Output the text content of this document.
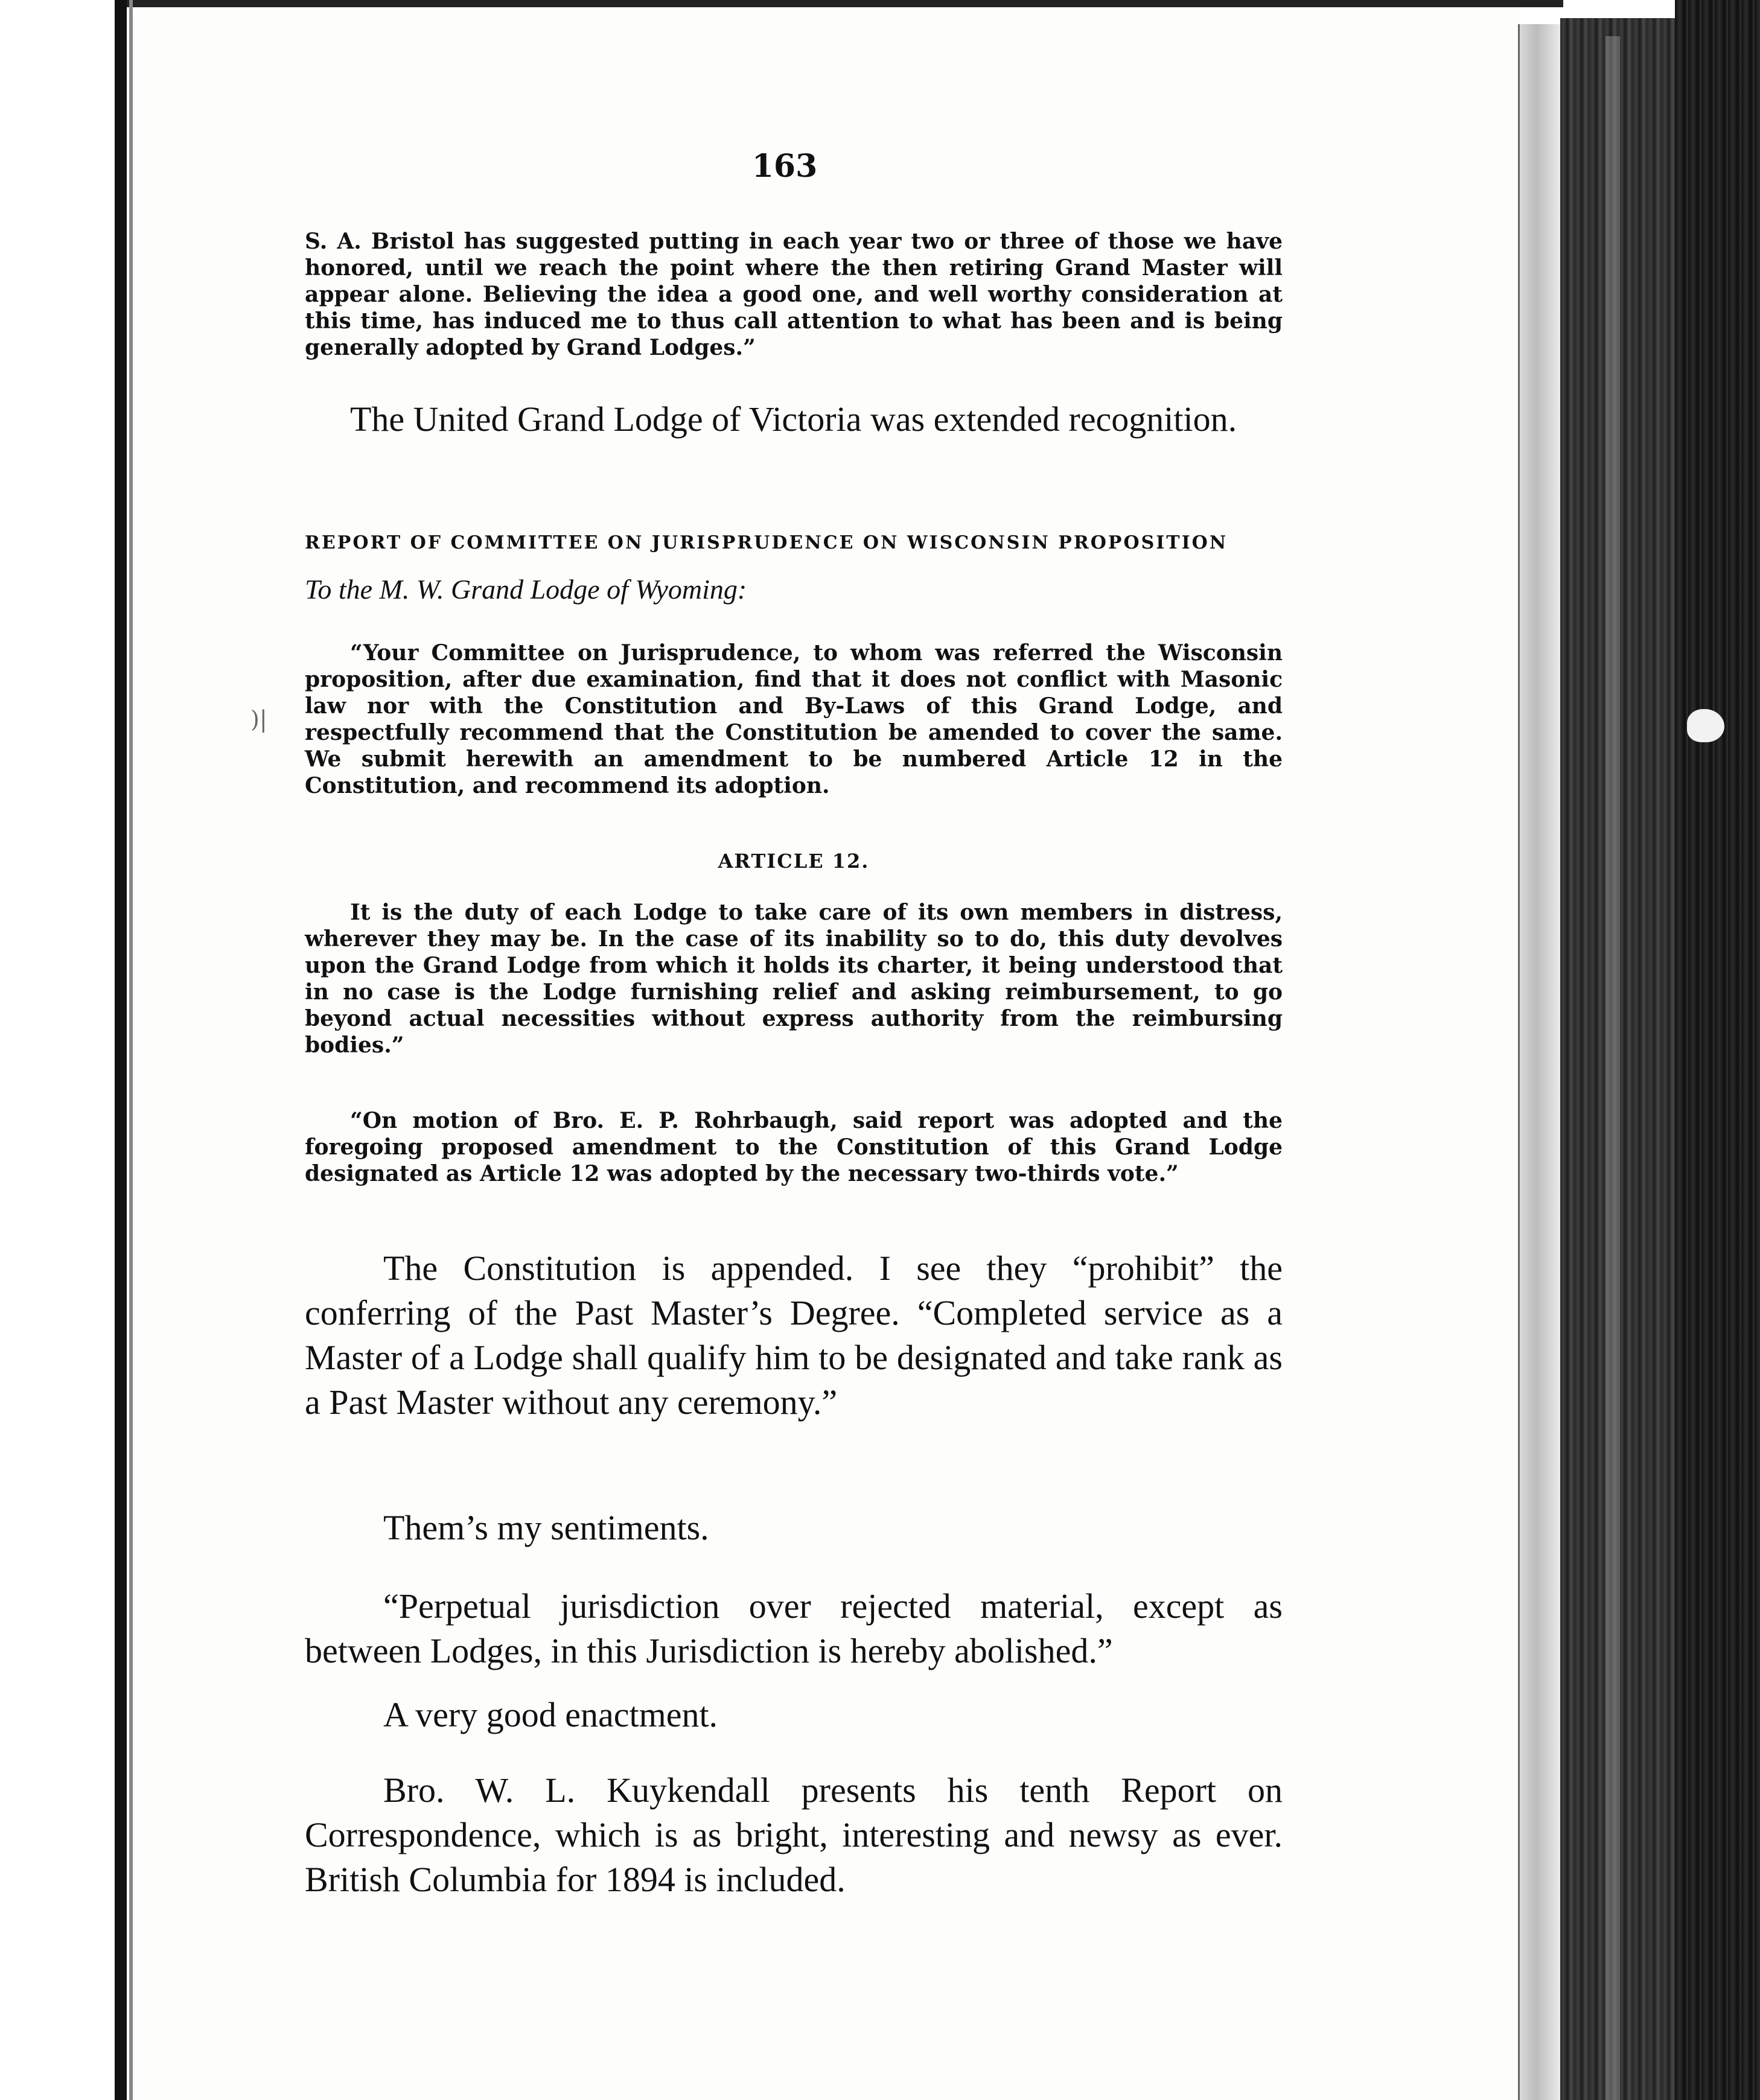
)|
163

S. A. Bristol has suggested putting in each year two or three of those we have honored, until we reach the point where the then retiring Grand Master will appear alone. Believing the idea a good one, and well worthy consideration at this time, has induced me to thus call attention to what has been and is being generally adopted by Grand Lodges.”

The United Grand Lodge of Victoria was extended recognition.

REPORT OF COMMITTEE ON JURISPRUDENCE ON WISCONSIN PROPOSITION

To the M. W. Grand Lodge of Wyoming:

“Your Committee on Jurisprudence, to whom was referred the Wisconsin proposition, after due examination, find that it does not conflict with Masonic law nor with the Constitution and By-Laws of this Grand Lodge, and respectfully recommend that the Constitution be amended to cover the same. We submit herewith an amendment to be numbered Article 12 in the Constitution, and recommend its adoption.

ARTICLE 12.

It is the duty of each Lodge to take care of its own members in distress, wherever they may be. In the case of its inability so to do, this duty devolves upon the Grand Lodge from which it holds its charter, it being understood that in no case is the Lodge furnishing relief and asking reimbursement, to go beyond actual necessities without express authority from the reimbursing bodies.”

“On motion of Bro. E. P. Rohrbaugh, said report was adopted and the foregoing proposed amendment to the Constitution of this Grand Lodge designated as Article 12 was adopted by the necessary two-thirds vote.”

The Constitution is appended. I see they “prohibit” the conferring of the Past Master’s Degree. “Completed service as a Master of a Lodge shall qualify him to be designated and take rank as a Past Master without any ceremony.”

Them’s my sentiments.

“Perpetual jurisdiction over rejected material, except as between Lodges, in this Jurisdiction is hereby abolished.”

A very good enactment.

Bro. W. L. Kuykendall presents his tenth Report on Correspondence, which is as bright, interesting and newsy as ever. British Columbia for 1894 is included.
